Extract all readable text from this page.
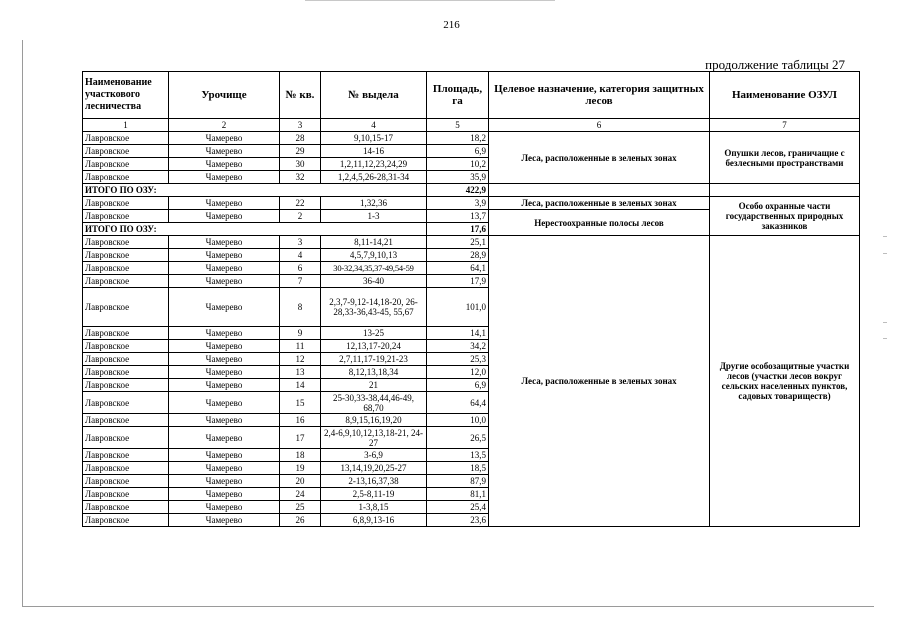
216
продолжение таблицы 27
Наименование участкового лесничества	Урочище	№ кв.	№ выдела	Площадь, га	Целевое назначение, категория защитных лесов	Наименование ОЗУЛ
1	2	3	4	5	6	7
Лавровское	Чамерево	28	9,10,15-17	18,2	Леса, расположенные в зеленых зонах	Опушки лесов, граничащие с безлесными пространствами
Лавровское	Чамерево	29	14-16	6,9		
Лавровское	Чамерево	30	1,2,11,12,23,24,29	10,2		
Лавровское	Чамерево	32	1,2,4,5,26-28,31-34	35,9		
ИТОГО ПО ОЗУ:				422,9		
Лавровское	Чамерево	22	1,32,36	3,9	Леса, расположенные в зеленых зонах	Особо охранные части государственных природных заказников
Лавровское	Чамерево	2	1-3	13,7	Нерестоохранные полосы лесов	
ИТОГО ПО ОЗУ:				17,6		
Лавровское	Чамерево	3	8,11-14,21	25,1	Леса, расположенные в зеленых зонах	Другие особозащитные участки лесов (участки лесов вокруг сельских населенных пунктов, садовых товариществ)
Лавровское	Чамерево	4	4,5,7,9,10,13	28,9		
Лавровское	Чамерево	6	30-32,34,35,37-49,54-59	64,1		
Лавровское	Чамерево	7	36-40	17,9		
Лавровское	Чамерево	8	2,3,7-9,12-14,18-20, 26-28,33-36,43-45, 55,67	101,0		
Лавровское	Чамерево	9	13-25	14,1		
Лавровское	Чамерево	11	12,13,17-20,24	34,2		
Лавровское	Чамерево	12	2,7,11,17-19,21-23	25,3		
Лавровское	Чамерево	13	8,12,13,18,34	12,0		
Лавровское	Чамерево	14	21	6,9		
Лавровское	Чамерево	15	25-30,33-38,44,46-49, 68,70	64,4		
Лавровское	Чамерево	16	8,9,15,16,19,20	10,0		
Лавровское	Чамерево	17	2,4-6,9,10,12,13,18-21, 24-27	26,5		
Лавровское	Чамерево	18	3-6,9	13,5		
Лавровское	Чамерево	19	13,14,19,20,25-27	18,5		
Лавровское	Чамерево	20	2-13,16,37,38	87,9		
Лавровское	Чамерево	24	2,5-8,11-19	81,1		
Лавровское	Чамерево	25	1-3,8,15	25,4		
Лавровское	Чамерево	26	6,8,9,13-16	23,6		
